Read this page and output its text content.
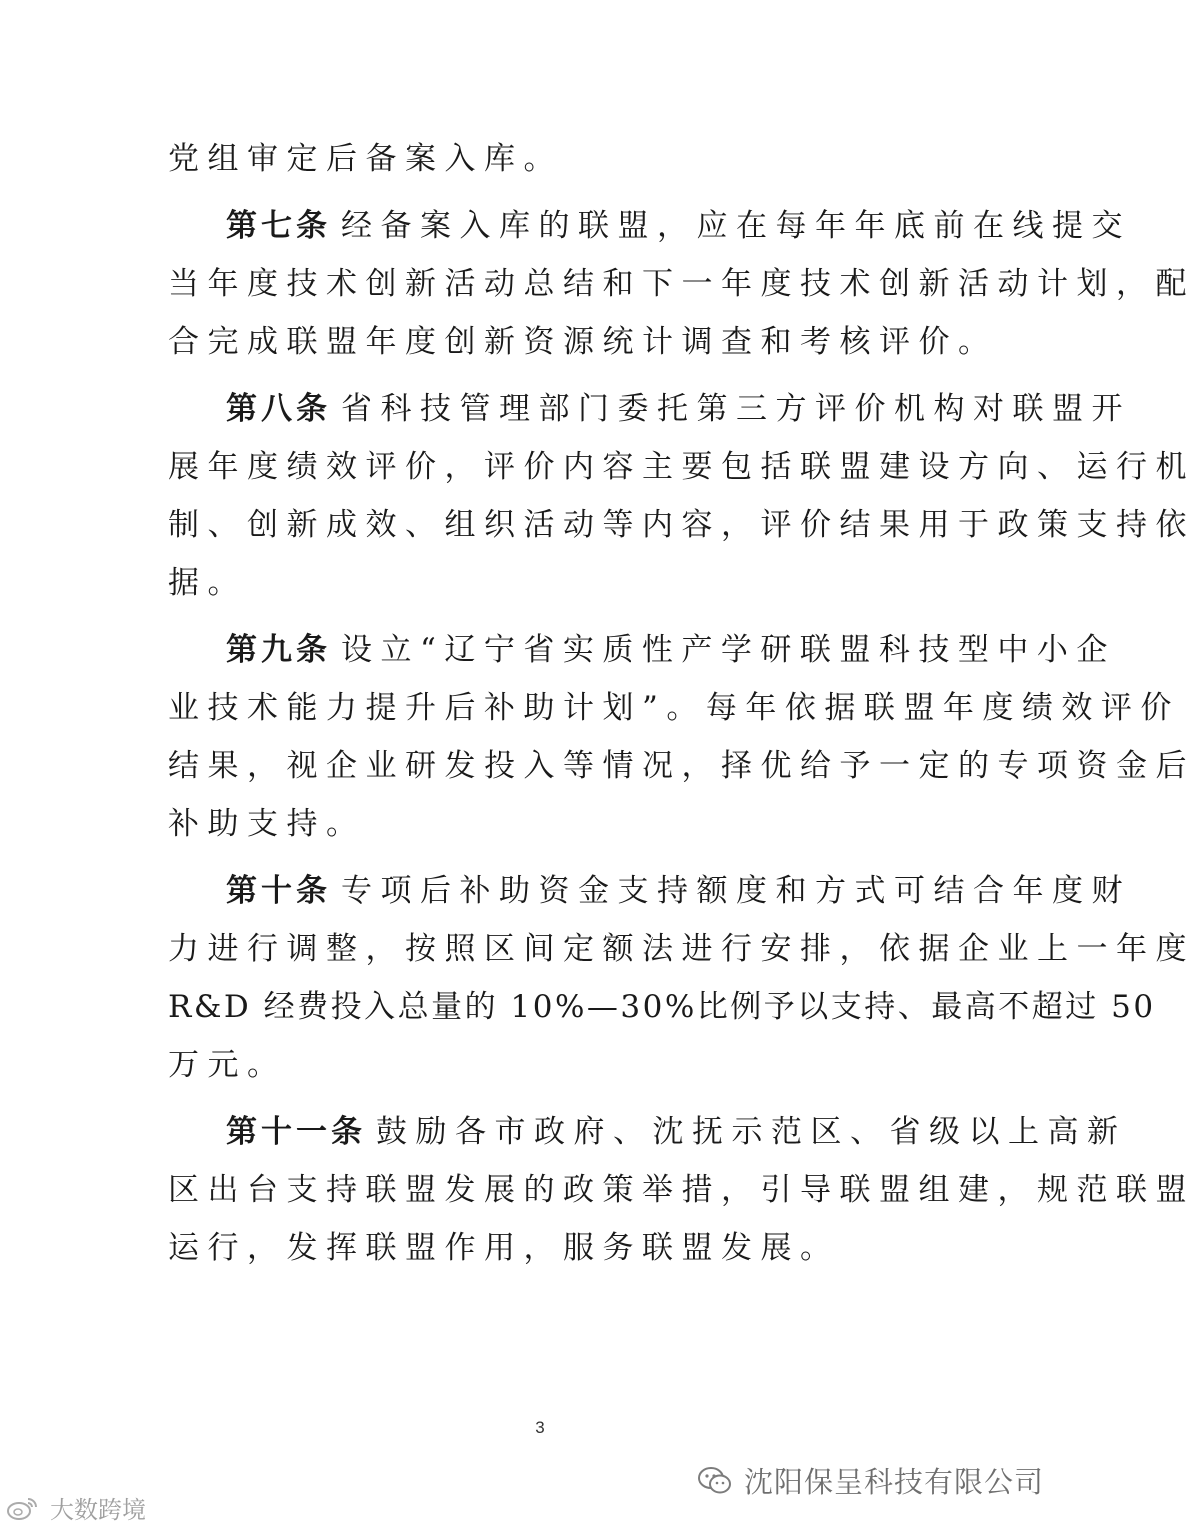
党组审定后备案入库。
第七条 经备案入库的联盟，应在每年年底前在线提交
当年度技术创新活动总结和下一年度技术创新活动计划，配
合完成联盟年度创新资源统计调查和考核评价。
第八条 省科技管理部门委托第三方评价机构对联盟开
展年度绩效评价，评价内容主要包括联盟建设方向、运行机
制、创新成效、组织活动等内容，评价结果用于政策支持依
据。
第九条 设立“辽宁省实质性产学研联盟科技型中小企
业技术能力提升后补助计划”。每年依据联盟年度绩效评价
结果，视企业研发投入等情况，择优给予一定的专项资金后
补助支持。
第十条 专项后补助资金支持额度和方式可结合年度财
力进行调整，按照区间定额法进行安排，依据企业上一年度
R&D 经费投入总量的 10%—30%比例予以支持、最高不超过 50
万元。
第十一条 鼓励各市政府、沈抚示范区、省级以上高新
区出台支持联盟发展的政策举措，引导联盟组建，规范联盟
运行，发挥联盟作用，服务联盟发展。
3
沈阳保呈科技有限公司
大数跨境
